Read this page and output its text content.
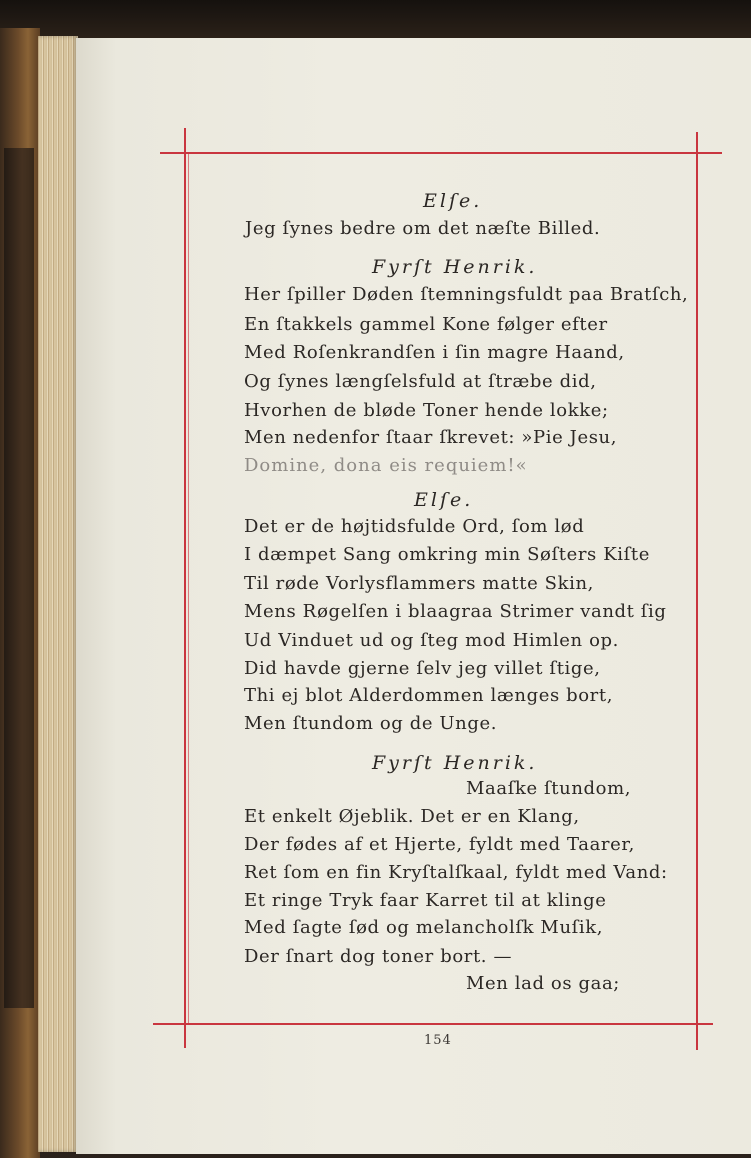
Elſe.
Jeg ſynes bedre om det næſte Billed.
Fyrſt Henrik.
Her ſpiller Døden ſtemningsfuldt paa Bratſch,
En ſtakkels gammel Kone følger efter
Med Roſenkrandſen i ſin magre Haand,
Og ſynes længſelsfuld at ſtræbe did,
Hvorhen de bløde Toner hende lokke;
Men nedenfor ſtaar ſkrevet: »Pie Jesu,
Domine, dona eis requiem!«
Elſe.
Det er de højtidsfulde Ord, ſom lød
I dæmpet Sang omkring min Søſters Kiſte
Til røde Vorlysflammers matte Skin,
Mens Røgelſen i blaagraa Strimer vandt ſig
Ud Vinduet ud og ſteg mod Himlen op.
Did havde gjerne ſelv jeg villet ſtige,
Thi ej blot Alderdommen længes bort,
Men ſtundom og de Unge.
Fyrſt Henrik.
Maaſke ſtundom,
Et enkelt Øjeblik. Det er en Klang,
Der fødes af et Hjerte, fyldt med Taarer,
Ret ſom en fin Kryſtalſkaal, fyldt med Vand:
Et ringe Tryk faar Karret til at klinge
Med ſagte ſød og melancholſk Muſik,
Der ſnart dog toner bort. —
Men lad os gaa;
154
